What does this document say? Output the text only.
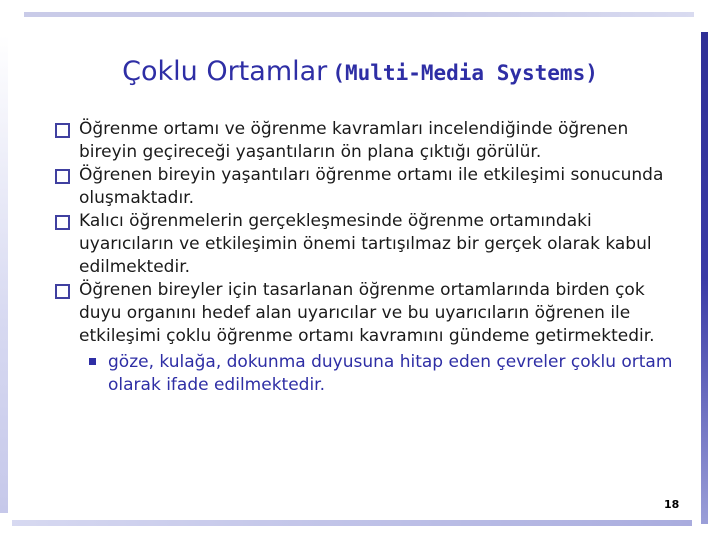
Çoklu Ortamlar (Multi-Media Systems)
Öğrenme ortamı ve öğrenme kavramları incelendiğinde öğrenen bireyin geçireceği yaşantıların ön plana çıktığı görülür.
Öğrenen bireyin yaşantıları öğrenme ortamı ile etkileşimi sonucunda oluşmaktadır.
Kalıcı öğrenmelerin gerçekleşmesinde öğrenme ortamındaki uyarıcıların ve etkileşimin önemi tartışılmaz bir gerçek olarak kabul edilmektedir.
Öğrenen bireyler için tasarlanan öğrenme ortamlarında birden çok duyu organını hedef alan uyarıcılar ve bu uyarıcıların öğrenen ile etkileşimi çoklu öğrenme ortamı kavramını gündeme getirmektedir.
göze, kulağa, dokunma duyusuna hitap eden çevreler çoklu ortam olarak ifade edilmektedir.
18
